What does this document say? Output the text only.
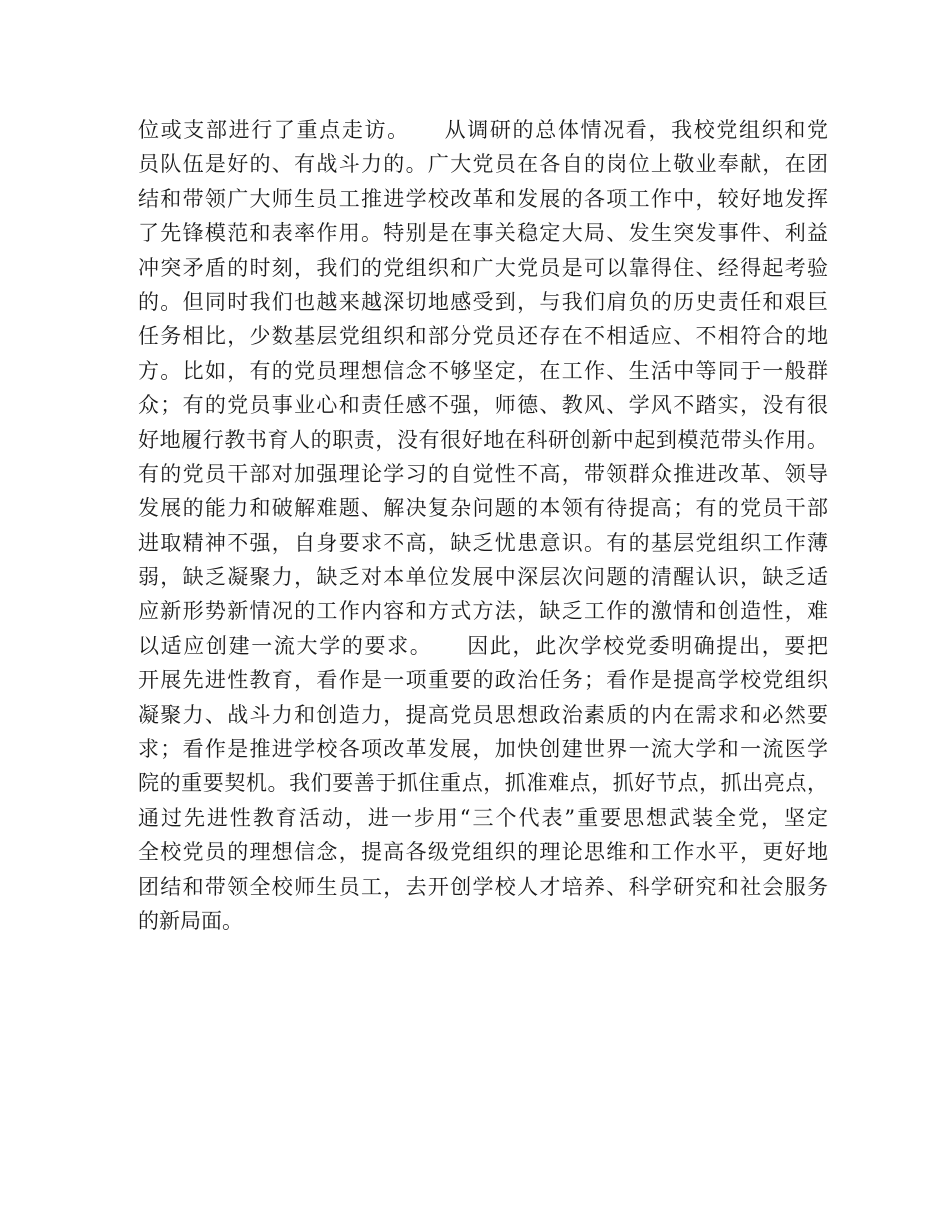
位或支部进行了重点走访。　　从调研的总体情况看，我校党组织和党
员队伍是好的、有战斗力的。广大党员在各自的岗位上敬业奉献，在团
结和带领广大师生员工推进学校改革和发展的各项工作中，较好地发挥
了先锋模范和表率作用。特别是在事关稳定大局、发生突发事件、利益
冲突矛盾的时刻，我们的党组织和广大党员是可以靠得住、经得起考验
的。但同时我们也越来越深切地感受到，与我们肩负的历史责任和艰巨
任务相比，少数基层党组织和部分党员还存在不相适应、不相符合的地
方。比如，有的党员理想信念不够坚定，在工作、生活中等同于一般群
众；有的党员事业心和责任感不强，师德、教风、学风不踏实，没有很
好地履行教书育人的职责，没有很好地在科研创新中起到模范带头作用。
有的党员干部对加强理论学习的自觉性不高，带领群众推进改革、领导
发展的能力和破解难题、解决复杂问题的本领有待提高；有的党员干部
进取精神不强，自身要求不高，缺乏忧患意识。有的基层党组织工作薄
弱，缺乏凝聚力，缺乏对本单位发展中深层次问题的清醒认识，缺乏适
应新形势新情况的工作内容和方式方法，缺乏工作的激情和创造性，难
以适应创建一流大学的要求。　　因此，此次学校党委明确提出，要把
开展先进性教育，看作是一项重要的政治任务；看作是提高学校党组织
凝聚力、战斗力和创造力，提高党员思想政治素质的内在需求和必然要
求；看作是推进学校各项改革发展，加快创建世界一流大学和一流医学
院的重要契机。我们要善于抓住重点，抓准难点，抓好节点，抓出亮点，
通过先进性教育活动，进一步用“三个代表”重要思想武装全党，坚定
全校党员的理想信念，提高各级党组织的理论思维和工作水平，更好地
团结和带领全校师生员工，去开创学校人才培养、科学研究和社会服务
的新局面。
